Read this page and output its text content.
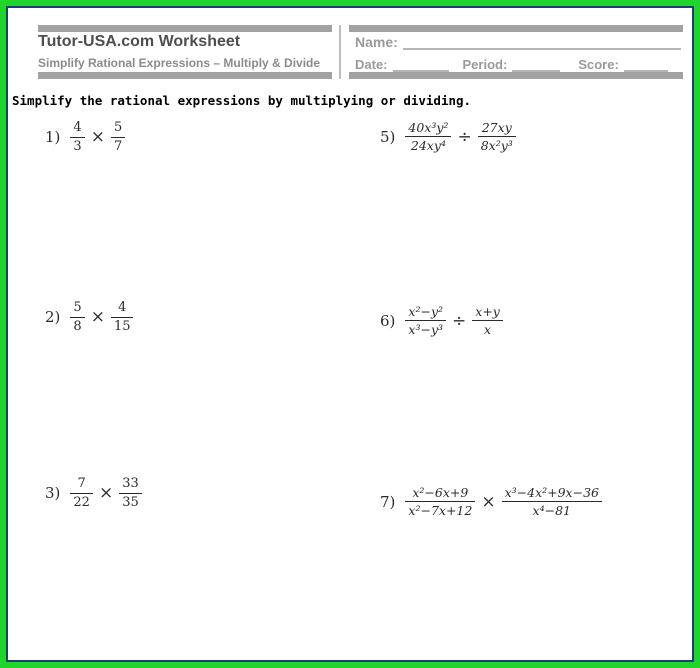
Tutor-USA.com Worksheet
Simplify Rational Expressions – Multiply & Divide
Name:
Date:	Period:	Score:
Simplify the rational expressions by multiplying or dividing.
$1) \frac{4}{3} \times \frac{5}{7}$
$2) \frac{5}{8} \times \frac{4}{15}$
$3) \frac{7}{22} \times \frac{33}{35}$
$5) \frac{\text{40x³y²}}{\text{24xy⁴}} \div \frac{27xy}{\text{8x²y³}}$
$6) \frac{\text{x²−y²}}{\text{x³−y³}} \div \frac{x+y}{x}$
$7) \frac{\text{x²−6x+9}}{\text{x²−7x+12}} \times \frac{\text{x³−4x²+9x−36}}{\text{x⁴−81}}$
